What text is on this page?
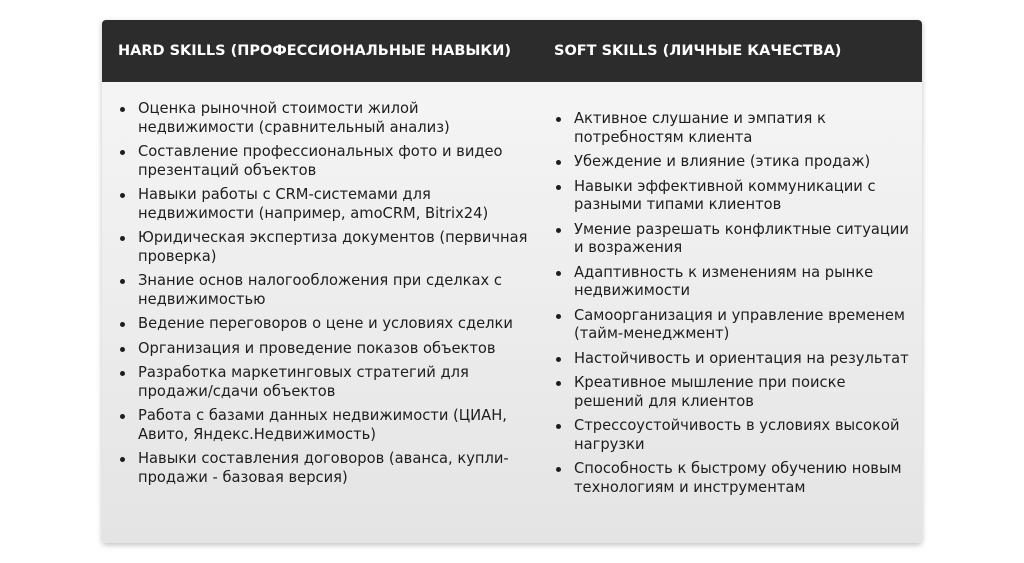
HARD SKILLS (ПРОФЕССИОНАЛЬНЫЕ НАВЫКИ)	SOFT SKILLS (ЛИЧНЫЕ КАЧЕСТВА)
Оценка рыночной стоимости жилой недвижимости (сравнительный анализ)
Составление профессиональных фото и видео презентаций объектов
Навыки работы с CRM-системами для недвижимости (например, amoCRM, Bitrix24)
Юридическая экспертиза документов (первичная проверка)
Знание основ налогообложения при сделках с недвижимостью
Ведение переговоров о цене и условиях сделки
Организация и проведение показов объектов
Разработка маркетинговых стратегий для продажи/сдачи объектов
Работа с базами данных недвижимости (ЦИАН, Авито, Яндекс.Недвижимость)
Навыки составления договоров (аванса, купли-продажи - базовая версия)
Активное слушание и эмпатия к потребностям клиента
Убеждение и влияние (этика продаж)
Навыки эффективной коммуникации с разными типами клиентов
Умение разрешать конфликтные ситуации и возражения
Адаптивность к изменениям на рынке недвижимости
Самоорганизация и управление временем (тайм-менеджмент)
Настойчивость и ориентация на результат
Креативное мышление при поиске решений для клиентов
Стрессоустойчивость в условиях высокой нагрузки
Способность к быстрому обучению новым технологиям и инструментам
